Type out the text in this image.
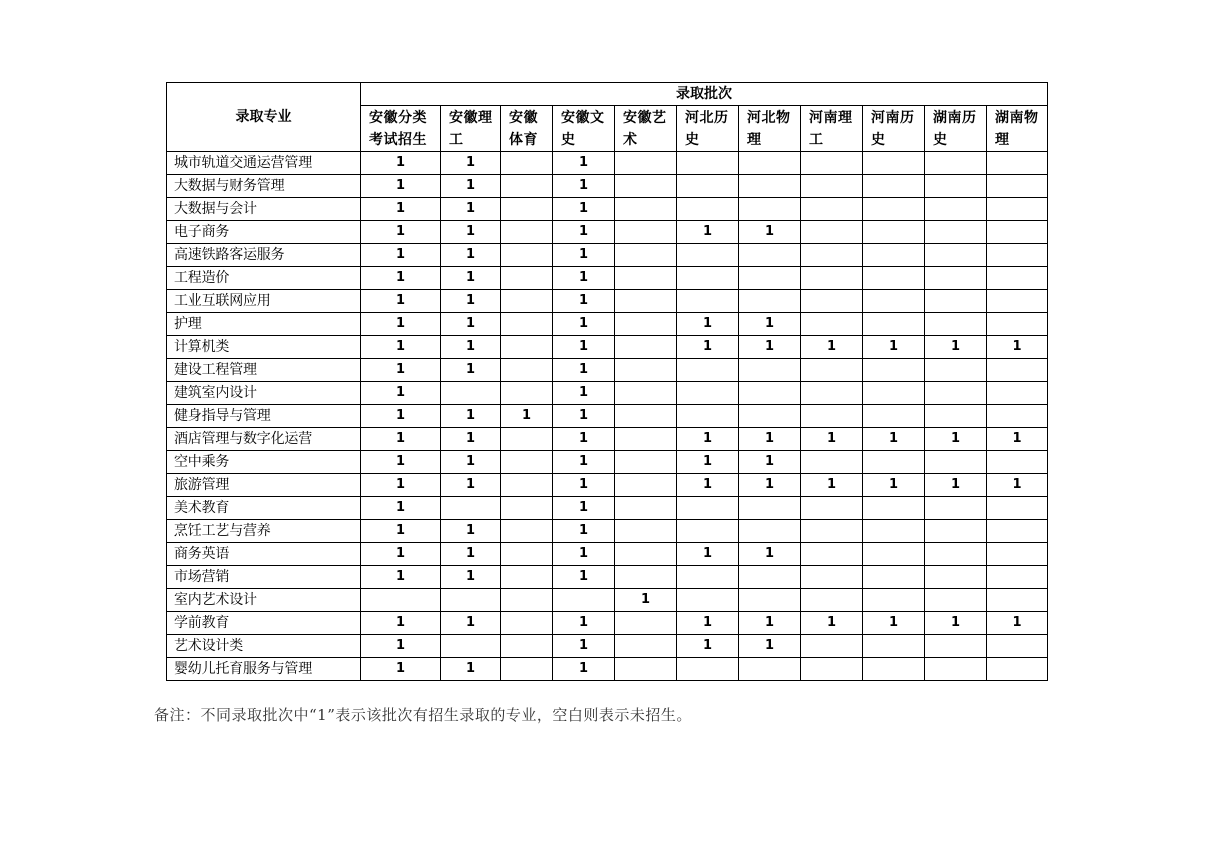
录取专业	录取批次										
	安徽分类考试招生	安徽理工	安徽体育	安徽文史	安徽艺术	河北历史	河北物理	河南理工	河南历史	湖南历史	湖南物理
城市轨道交通运营管理	1	1		1							
大数据与财务管理	1	1		1							
大数据与会计	1	1		1							
电子商务	1	1		1		1	1				
高速铁路客运服务	1	1		1							
工程造价	1	1		1							
工业互联网应用	1	1		1							
护理	1	1		1		1	1				
计算机类	1	1		1		1	1	1	1	1	1
建设工程管理	1	1		1							
建筑室内设计	1			1							
健身指导与管理	1	1	1	1							
酒店管理与数字化运营	1	1		1		1	1	1	1	1	1
空中乘务	1	1		1		1	1				
旅游管理	1	1		1		1	1	1	1	1	1
美术教育	1			1							
烹饪工艺与营养	1	1		1							
商务英语	1	1		1		1	1				
市场营销	1	1		1							
室内艺术设计					1						
学前教育	1	1		1		1	1	1	1	1	1
艺术设计类	1			1		1	1				
婴幼儿托育服务与管理	1	1		1							
备注：不同录取批次中“1”表示该批次有招生录取的专业，空白则表示未招生。
